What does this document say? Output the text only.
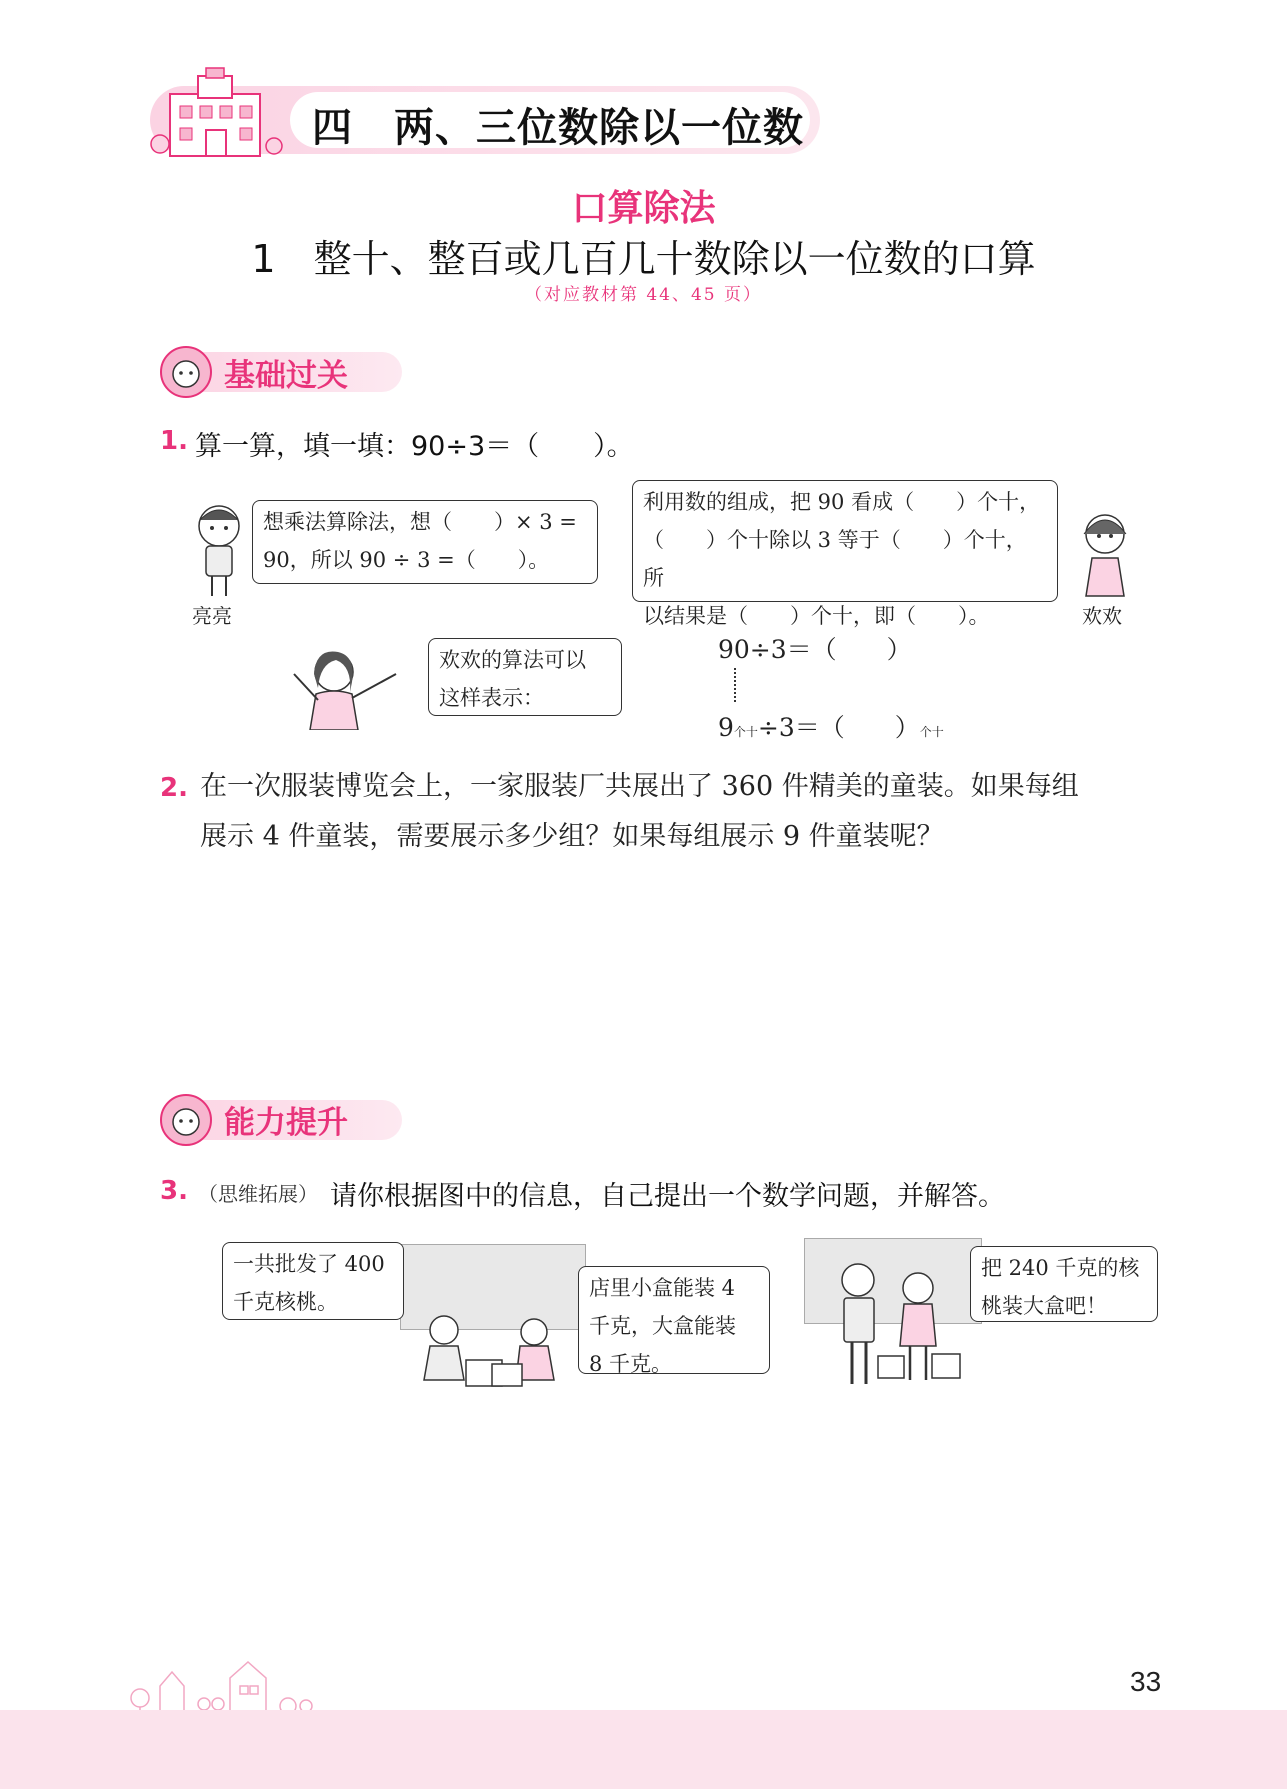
四　两、三位数除以一位数
口算除法
1　整十、整百或几百几十数除以一位数的口算
（对应教材第 44、45 页）
基础过关
1. 算一算，填一填：90÷3＝（　　）。
亮亮
想乘法算除法，想（　　）× 3 =
90，所以 90 ÷ 3 =（　　）。
利用数的组成，把 90 看成（　　）个十，
（　　）个十除以 3 等于（　　）个十，所
以结果是（　　）个十，即（　　）。	欢欢
欢欢的算法可以
这样表示：
90÷3＝（　　）
9个十÷3＝（　　）个十
2. 在一次服装博览会上，一家服装厂共展出了 360 件精美的童装。如果每组
展示 4 件童装，需要展示多少组？如果每组展示 9 件童装呢？
能力提升
3. （思维拓展） 请你根据图中的信息，自己提出一个数学问题，并解答。
一共批发了 400
千克核桃。
店里小盒能装 4
千克，大盒能装
8 千克。
把 240 千克的核
桃装大盒吧！
33
